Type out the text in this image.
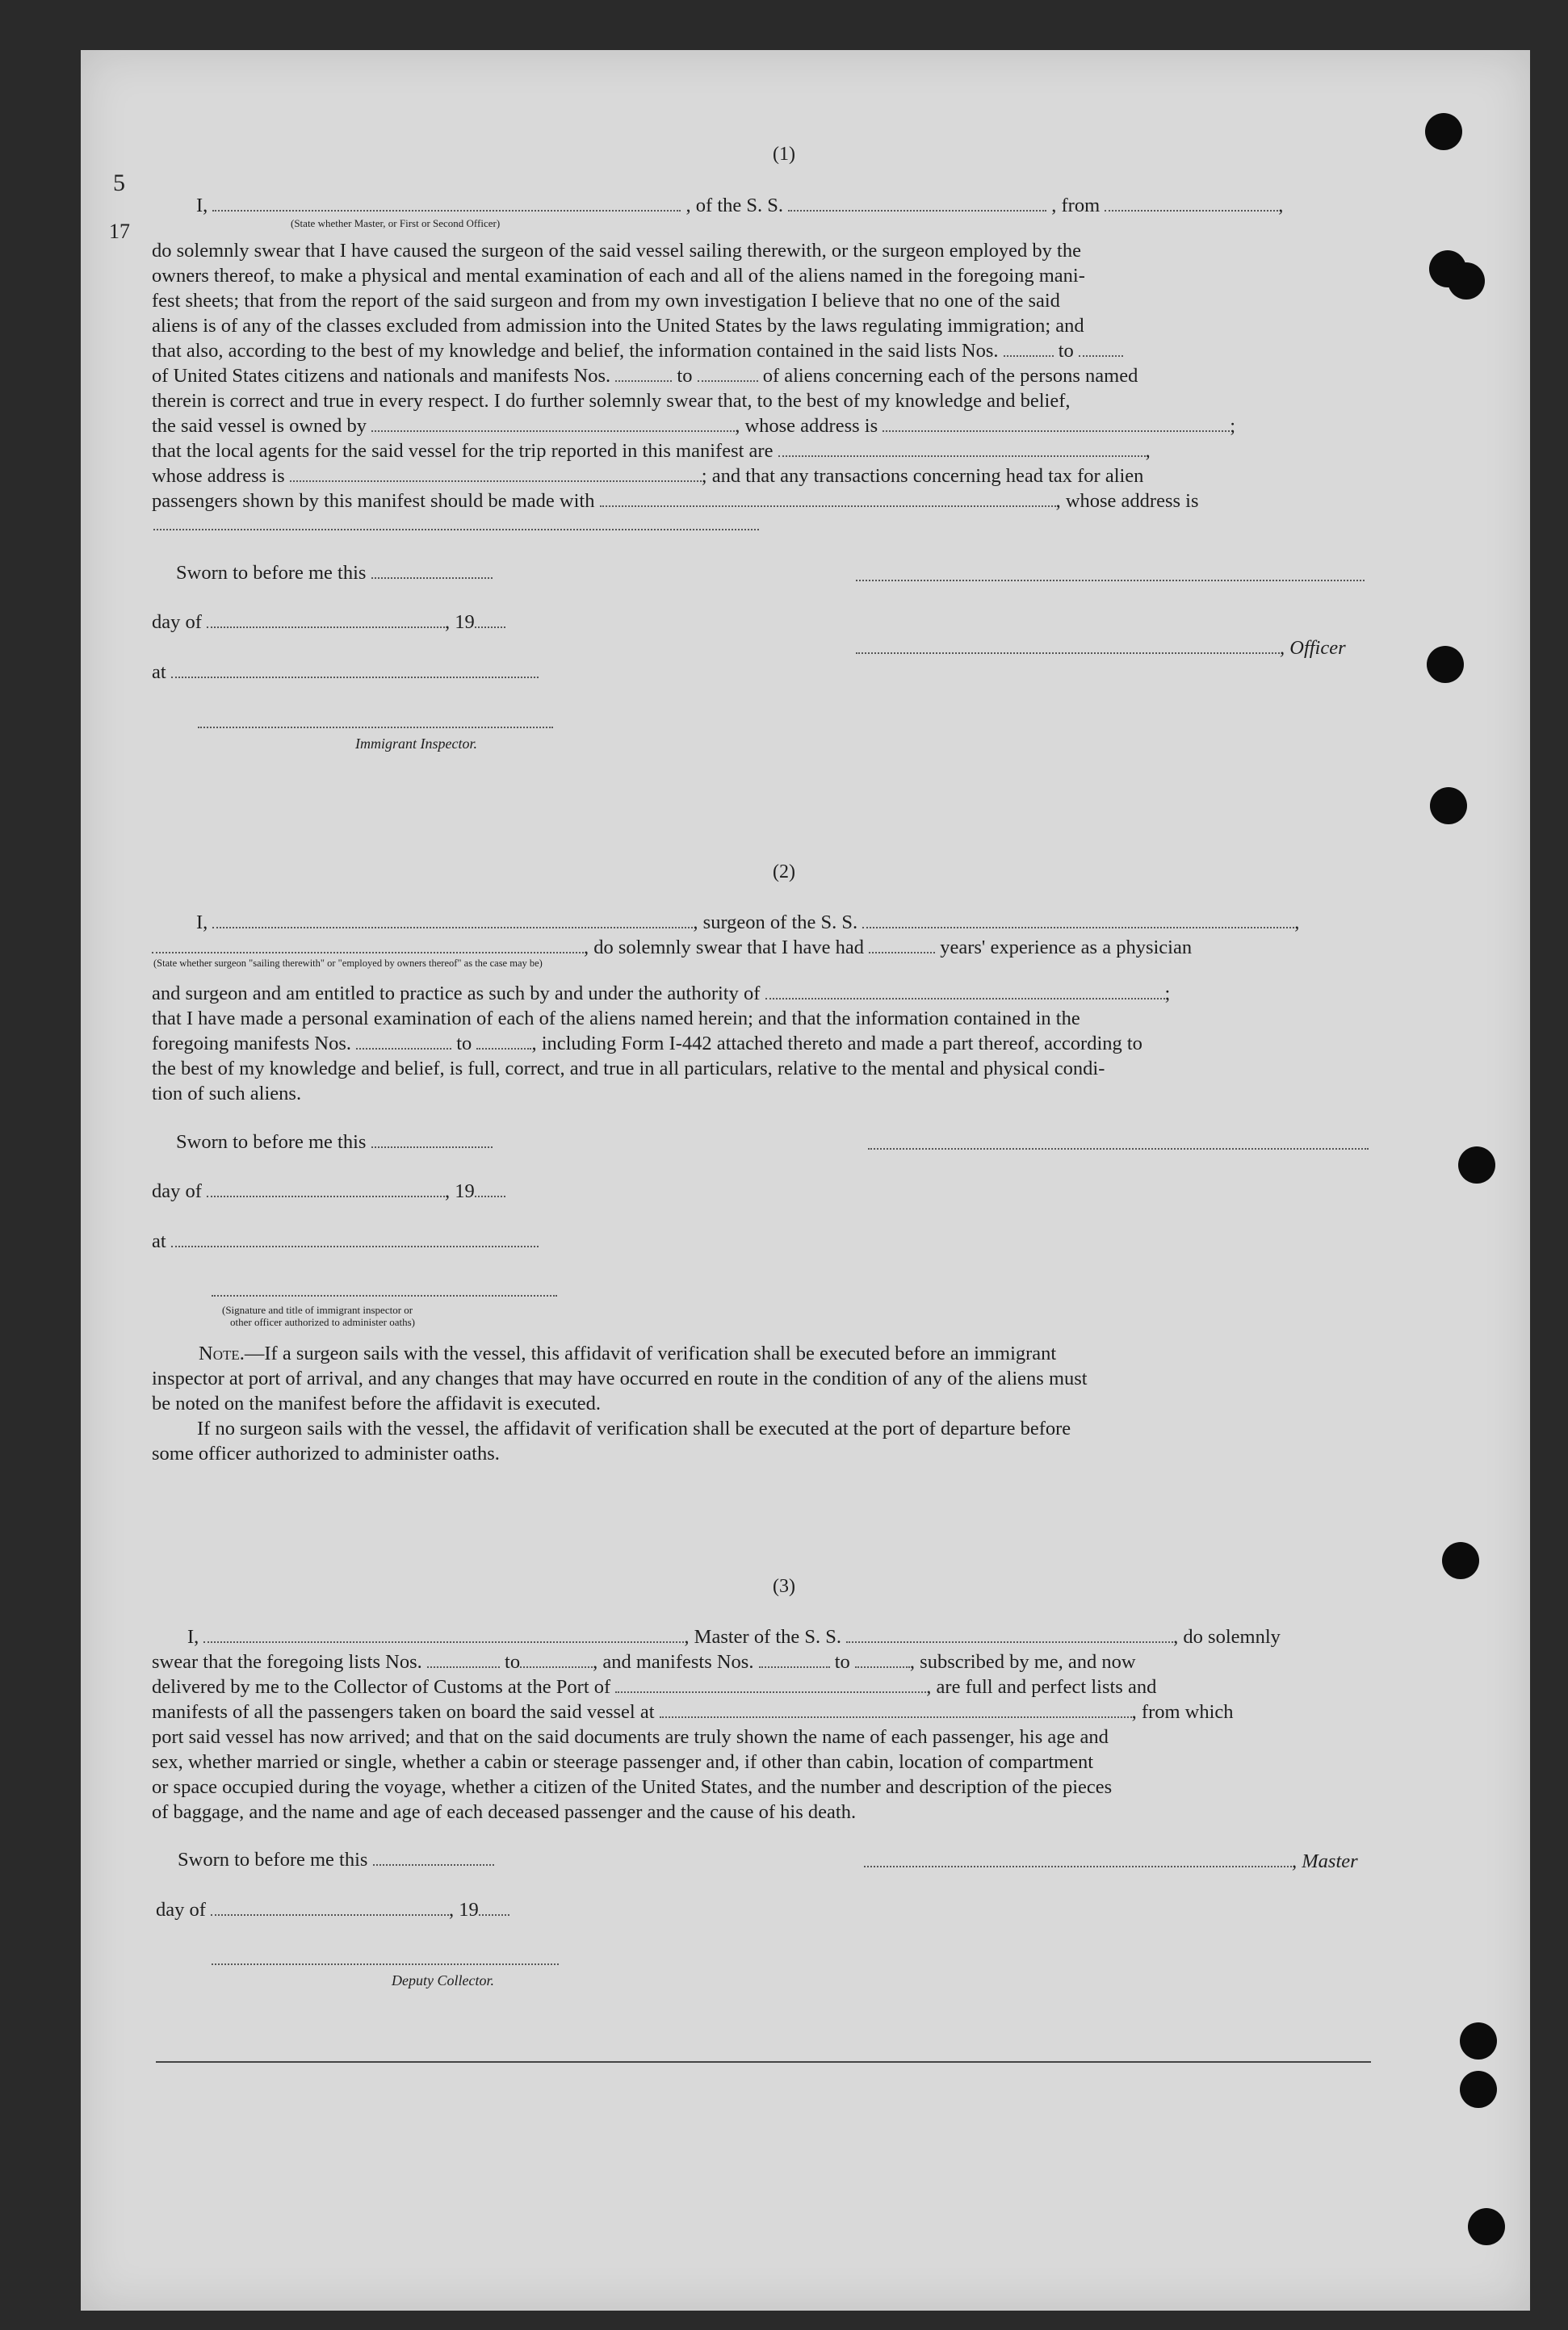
5
17
(1)
I,	, of the S. S.	, from	,
(State whether Master, or First or Second Officer)
do solemnly swear that I have caused the surgeon of the said vessel sailing therewith, or the surgeon employed by the
owners thereof, to make a physical and mental examination of each and all of the aliens named in the foregoing mani-
fest sheets; that from the report of the said surgeon and from my own investigation I believe that no one of the said
aliens is of any of the classes excluded from admission into the United States by the laws regulating immigration; and
that also, according to the best of my knowledge and belief, the information contained in the said lists Nos.	to
of United States citizens and nationals and manifests Nos.	to	of aliens concerning each of the persons named
therein is correct and true in every respect. I do further solemnly swear that, to the best of my knowledge and belief,
the said vessel is owned by	, whose address is	;
that the local agents for the said vessel for the trip reported in this manifest are	,
whose address is	; and that any transactions concerning head tax for alien
passengers shown by this manifest should be made with	, whose address is
Sworn to before me this
day of	, 19
at
Immigrant Inspector.
, Officer
(2)
I,	, surgeon of the S. S.	,
, do solemnly swear that I have had	years' experience as a physician
(State whether surgeon "sailing therewith" or "employed by owners thereof" as the case may be)
and surgeon and am entitled to practice as such by and under the authority of	;
that I have made a personal examination of each of the aliens named herein; and that the information contained in the
foregoing manifests Nos.	to	, including Form I-442 attached thereto and made a part thereof, according to
the best of my knowledge and belief, is full, correct, and true in all particulars, relative to the mental and physical condi-
tion of such aliens.
Sworn to before me this
day of	, 19
at
(Signature and title of immigrant inspector or
other officer authorized to administer oaths)
Note.—If a surgeon sails with the vessel, this affidavit of verification shall be executed before an immigrant
inspector at port of arrival, and any changes that may have occurred en route in the condition of any of the aliens must
be noted on the manifest before the affidavit is executed.
If no surgeon sails with the vessel, the affidavit of verification shall be executed at the port of departure before
some officer authorized to administer oaths.
(3)
I,	, Master of the S. S.	, do solemnly
swear that the foregoing lists Nos.	to	, and manifests Nos.	to	, subscribed by me, and now
delivered by me to the Collector of Customs at the Port of	, are full and perfect lists and
manifests of all the passengers taken on board the said vessel at	, from which
port said vessel has now arrived; and that on the said documents are truly shown the name of each passenger, his age and
sex, whether married or single, whether a cabin or steerage passenger and, if other than cabin, location of compartment
or space occupied during the voyage, whether a citizen of the United States, and the number and description of the pieces
of baggage, and the name and age of each deceased passenger and the cause of his death.
Sworn to before me this	, Master
day of	, 19
Deputy Collector.
